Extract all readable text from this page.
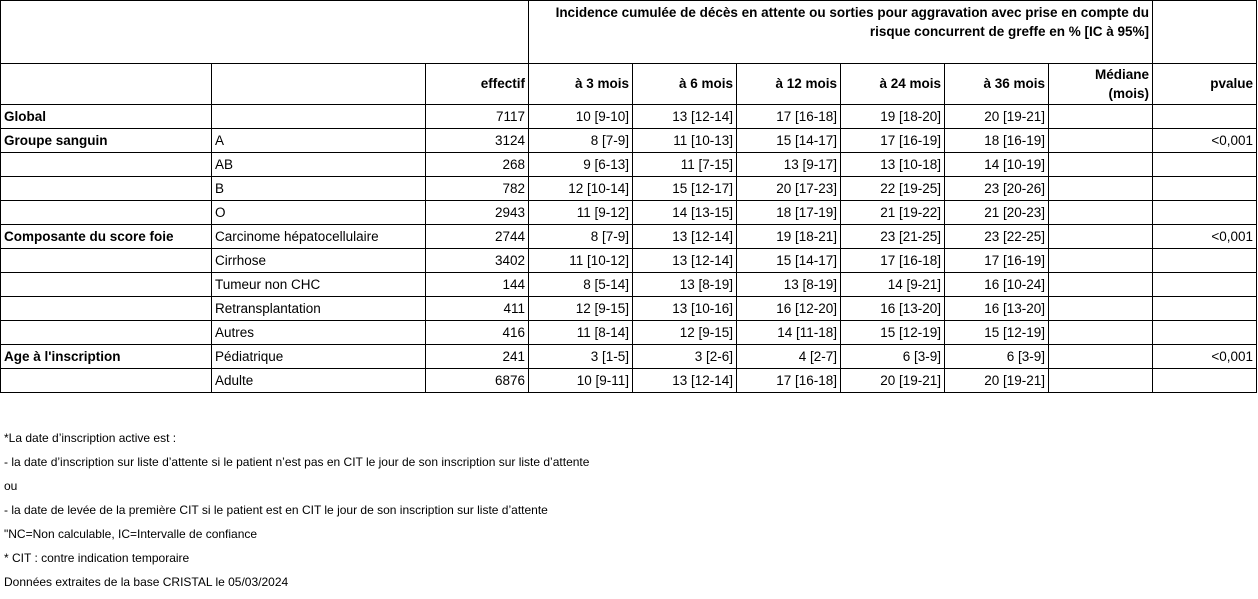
			Incidence cumulée de décès en attente ou sorties pour aggravation avec prise en compte du risque concurrent de greffe en % [IC à 95%]						
		effectif	à 3 mois	à 6 mois	à 12 mois	à 24 mois	à 36 mois	Médiane (mois)	pvalue
Global		7117	10 [9-10]	13 [12-14]	17 [16-18]	19 [18-20]	20 [19-21]		
Groupe sanguin	A	3124	8 [7-9]	11 [10-13]	15 [14-17]	17 [16-19]	18 [16-19]		<0,001
	AB	268	9 [6-13]	11 [7-15]	13 [9-17]	13 [10-18]	14 [10-19]		
	B	782	12 [10-14]	15 [12-17]	20 [17-23]	22 [19-25]	23 [20-26]		
	O	2943	11 [9-12]	14 [13-15]	18 [17-19]	21 [19-22]	21 [20-23]		
Composante du score foie	Carcinome hépatocellulaire	2744	8 [7-9]	13 [12-14]	19 [18-21]	23 [21-25]	23 [22-25]		<0,001
	Cirrhose	3402	11 [10-12]	13 [12-14]	15 [14-17]	17 [16-18]	17 [16-19]		
	Tumeur non CHC	144	8 [5-14]	13 [8-19]	13 [8-19]	14 [9-21]	16 [10-24]		
	Retransplantation	411	12 [9-15]	13 [10-16]	16 [12-20]	16 [13-20]	16 [13-20]		
	Autres	416	11 [8-14]	12 [9-15]	14 [11-18]	15 [12-19]	15 [12-19]		
Age à l'inscription	Pédiatrique	241	3 [1-5]	3 [2-6]	4 [2-7]	6 [3-9]	6 [3-9]		<0,001
	Adulte	6876	10 [9-11]	13 [12-14]	17 [16-18]	20 [19-21]	20 [19-21]		
*La date d’inscription active est :
- la date d’inscription sur liste d’attente si le patient n’est pas en CIT le jour de son inscription sur liste d’attente
ou
- la date de levée de la première CIT si le patient est en CIT le jour de son inscription sur liste d’attente
"NC=Non calculable, IC=Intervalle de confiance
* CIT : contre indication temporaire
Données extraites de la base CRISTAL le 05/03/2024
